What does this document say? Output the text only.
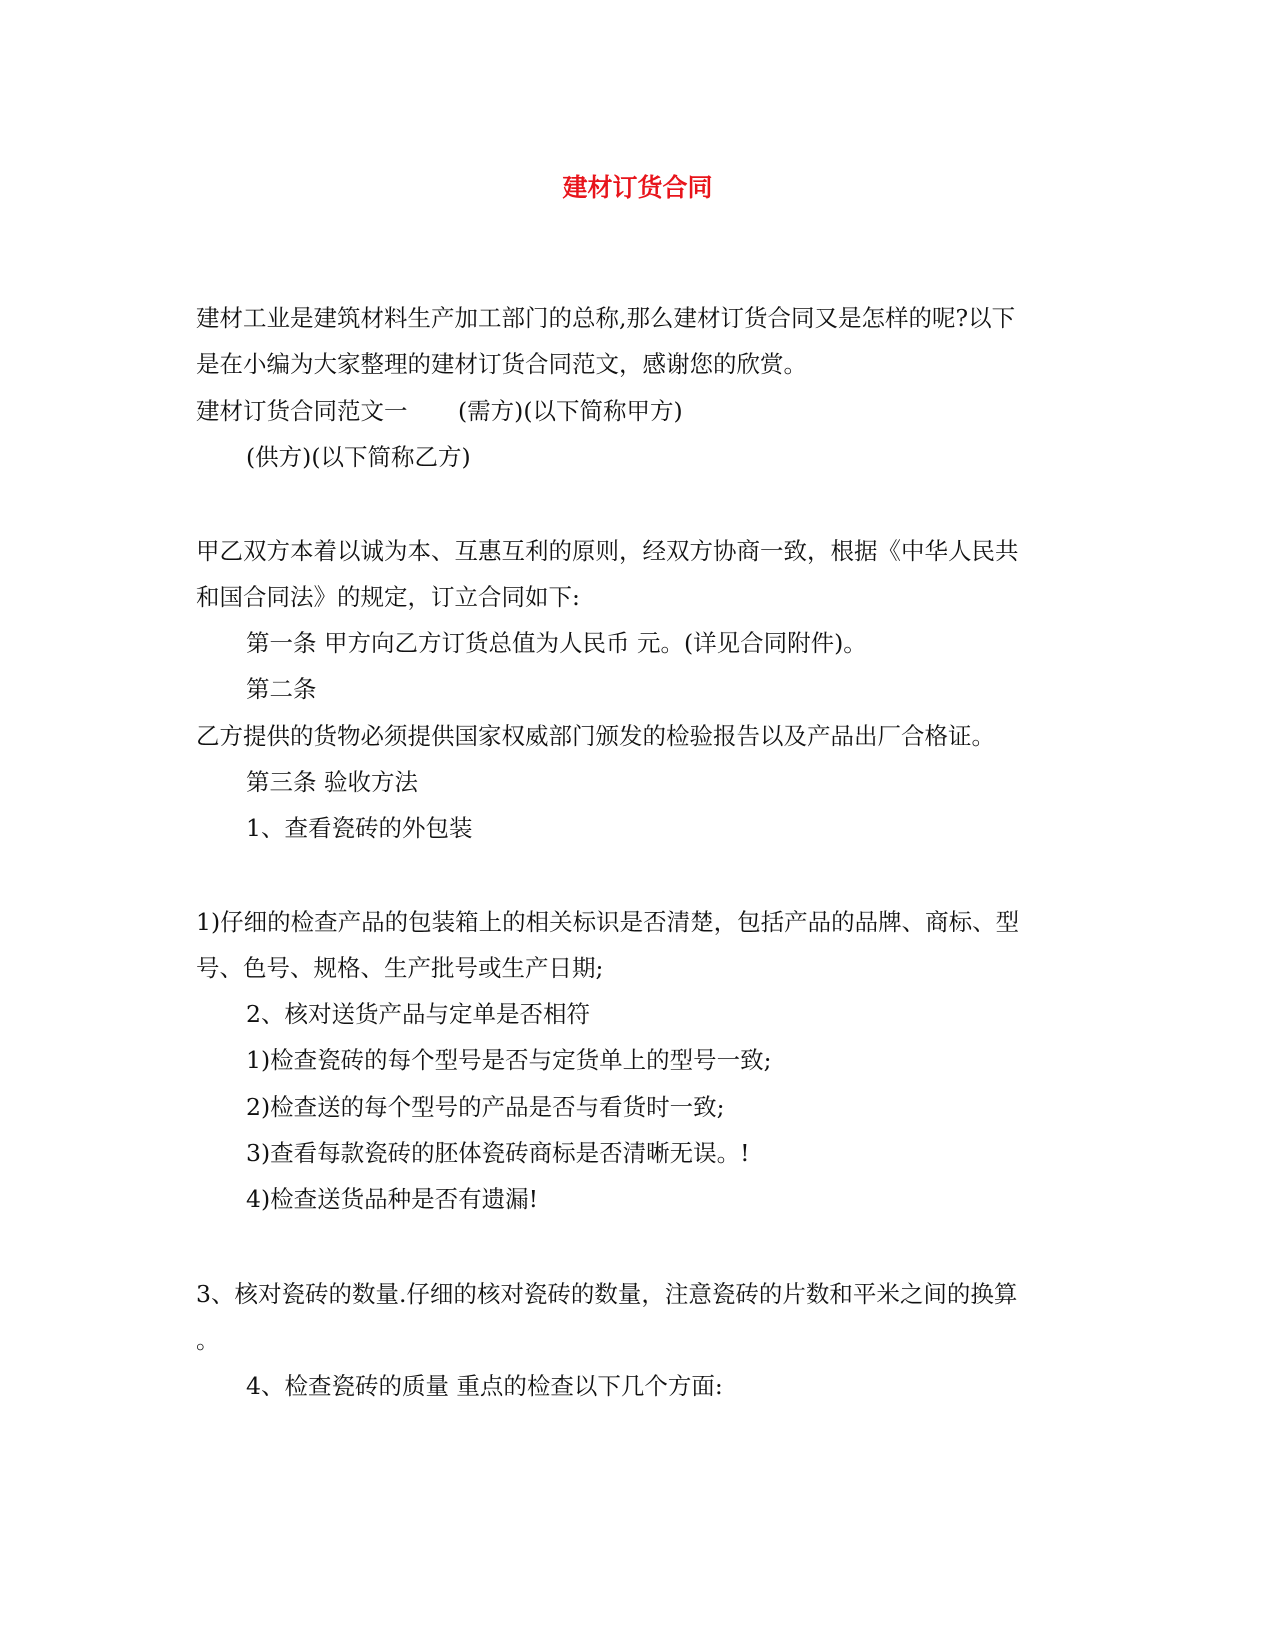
建材订货合同
建材工业是建筑材料生产加工部门的总称,那么建材订货合同又是怎样的呢?以下
是在小编为大家整理的建材订货合同范文，感谢您的欣赏。
建材订货合同范文一	(需方)(以下简称甲方)
(供方)(以下简称乙方)
甲乙双方本着以诚为本、互惠互利的原则，经双方协商一致，根据《中华人民共
和国合同法》的规定，订立合同如下:
第一条 甲方向乙方订货总值为人民币 元。(详见合同附件)。
第二条
乙方提供的货物必须提供国家权威部门颁发的检验报告以及产品出厂合格证。
第三条 验收方法
1、查看瓷砖的外包装
1)仔细的检查产品的包装箱上的相关标识是否清楚，包括产品的品牌、商标、型
号、色号、规格、生产批号或生产日期;
2、核对送货产品与定单是否相符
1)检查瓷砖的每个型号是否与定货单上的型号一致;
2)检查送的每个型号的产品是否与看货时一致;
3)查看每款瓷砖的胚体瓷砖商标是否清晰无误。!
4)检查送货品种是否有遗漏!
3、核对瓷砖的数量.仔细的核对瓷砖的数量，注意瓷砖的片数和平米之间的换算
。
4、检查瓷砖的质量 重点的检查以下几个方面:
